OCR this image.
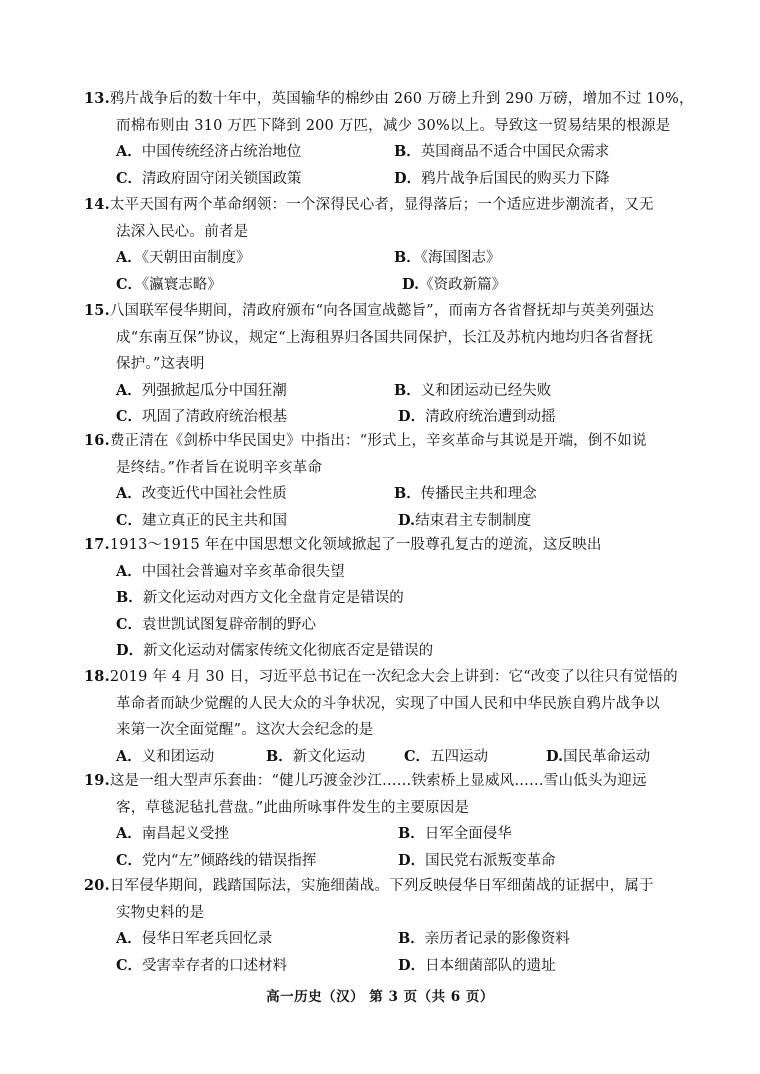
13.鸦片战争后的数十年中，英国输华的棉纱由 260 万磅上升到 290 万磅，增加不过 10%，
而棉布则由 310 万匹下降到 200 万匹，减少 30%以上。导致这一贸易结果的根源是
A．中国传统经济占统治地位	B．英国商品不适合中国民众需求
C．清政府固守闭关锁国政策	D．鸦片战争后国民的购买力下降
14.太平天国有两个革命纲领：一个深得民心者，显得落后；一个适应进步潮流者，又无
法深入民心。前者是
A．《天朝田亩制度》	B．《海国图志》
C．《瀛寰志略》	D.《资政新篇》
15.八国联军侵华期间，清政府颁布“向各国宣战懿旨”，而南方各省督抚却与英美列强达
成“东南互保”协议，规定“上海租界归各国共同保护，长江及苏杭内地均归各省督抚
保护。”这表明
A．列强掀起瓜分中国狂潮	B．义和团运动已经失败
C．巩固了清政府统治根基	D．清政府统治遭到动摇
16.费正清在《剑桥中华民国史》中指出：“形式上，辛亥革命与其说是开端，倒不如说
是终结。”作者旨在说明辛亥革命
A．改变近代中国社会性质	B．传播民主共和理念
C．建立真正的民主共和国	D.结束君主专制制度
17.1913～1915 年在中国思想文化领域掀起了一股尊孔复古的逆流，这反映出
A．中国社会普遍对辛亥革命很失望
B．新文化运动对西方文化全盘肯定是错误的
C．袁世凯试图复辟帝制的野心
D．新文化运动对儒家传统文化彻底否定是错误的
18.2019 年 4 月 30 日，习近平总书记在一次纪念大会上讲到：它“改变了以往只有觉悟的
革命者而缺少觉醒的人民大众的斗争状况，实现了中国人民和中华民族自鸦片战争以
来第一次全面觉醒”。这次大会纪念的是
A．义和团运动	B．新文化运动	C．五四运动	D.国民革命运动
19.这是一组大型声乐套曲：“健儿巧渡金沙江……铁索桥上显威风……雪山低头为迎远
客，草毯泥毡扎营盘。”此曲所咏事件发生的主要原因是
A．南昌起义受挫	B．日军全面侵华
C．党内“左”倾路线的错误指挥	D．国民党右派叛变革命
20.日军侵华期间，践踏国际法，实施细菌战。下列反映侵华日军细菌战的证据中，属于
实物史料的是
A．侵华日军老兵回忆录	B．亲历者记录的影像资料
C．受害幸存者的口述材料	D．日本细菌部队的遗址
高一历史（汉） 第 3 页（共 6 页）
